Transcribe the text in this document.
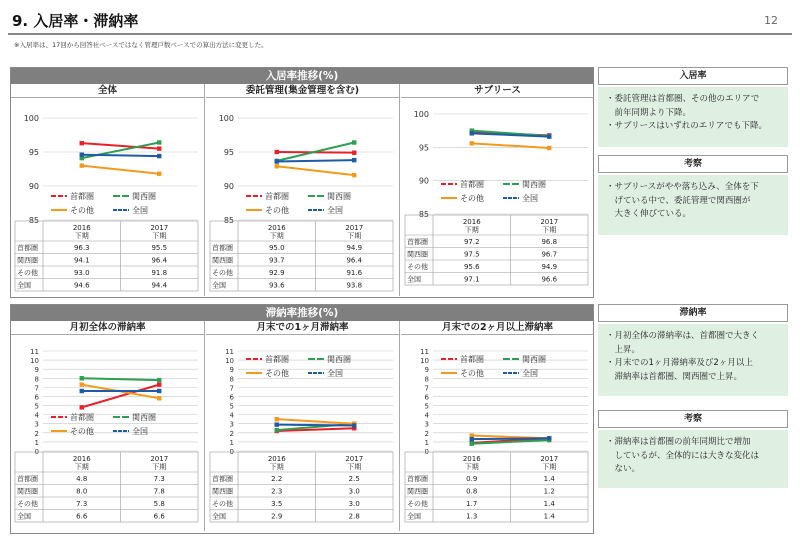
9. 入居率・滞納率	12
※入居率は、17回から回答社ベースではなく管理戸数ベースでの算出方法に変更した。
入居率推移(%)
滞納率推移(%)
全体
85
90
95
100
首都圏	関西圏
その他	全国
2016
下期
2017
下期
首都圏	96.3	95.5
関西圏	94.1	96.4
その他	93.0	91.8
全国	94.6	94.4
委託管理(集金管理を含む)
85
90
95
100
首都圏	関西圏
その他	全国
2016
下期
2017
下期
首都圏	95.0	94.9
関西圏	93.7	96.4
その他	92.9	91.6
全国	93.6	93.8
サブリース
85
90
95
100
首都圏	関西圏
その他	全国
2016
下期
2017
下期
首都圏	97.2	96.8
関西圏	97.5	96.7
その他	95.6	94.9
全国	97.1	96.6
月初全体の滞納率
0
1
2
3
4
5
6
7
8
9
10
11
首都圏	関西圏
その他	全国
2016
下期
2017
下期
首都圏	4.8	7.3
関西圏	8.0	7.8
その他	7.3	5.8
全国	6.6	6.6
月末での1ヶ月滞納率
0
1
2
3
4
5
6
7
8
9
10
11
首都圏	関西圏
その他	全国
2016
下期
2017
下期
首都圏	2.2	2.5
関西圏	2.3	3.0
その他	3.5	3.0
全国	2.9	2.8
月末での2ヶ月以上滞納率
0
1
2
3
4
5
6
7
8
9
10
11
首都圏	関西圏
その他	全国
2016
下期
2017
下期
首都圏	0.9	1.4
関西圏	0.8	1.2
その他	1.7	1.4
全国	1.3	1.4
入居率

・委託管理は首都圏、その他のエリアで

　前年同期より下降。

・サブリースはいずれのエリアでも下降。

考察

・サブリースがやや落ち込み、全体を下

　げている中で、委託管理で関西圏が

　大きく伸びている。

滞納率

・月初全体の滞納率は、首都圏で大きく

　上昇。

・月末での1ヶ月滞納率及び2ヶ月以上

　滞納率は首都圏、関西圏で上昇。

考察

・滞納率は首都圏の前年同期比で増加

　しているが、全体的には大きな変化は

　ない。
